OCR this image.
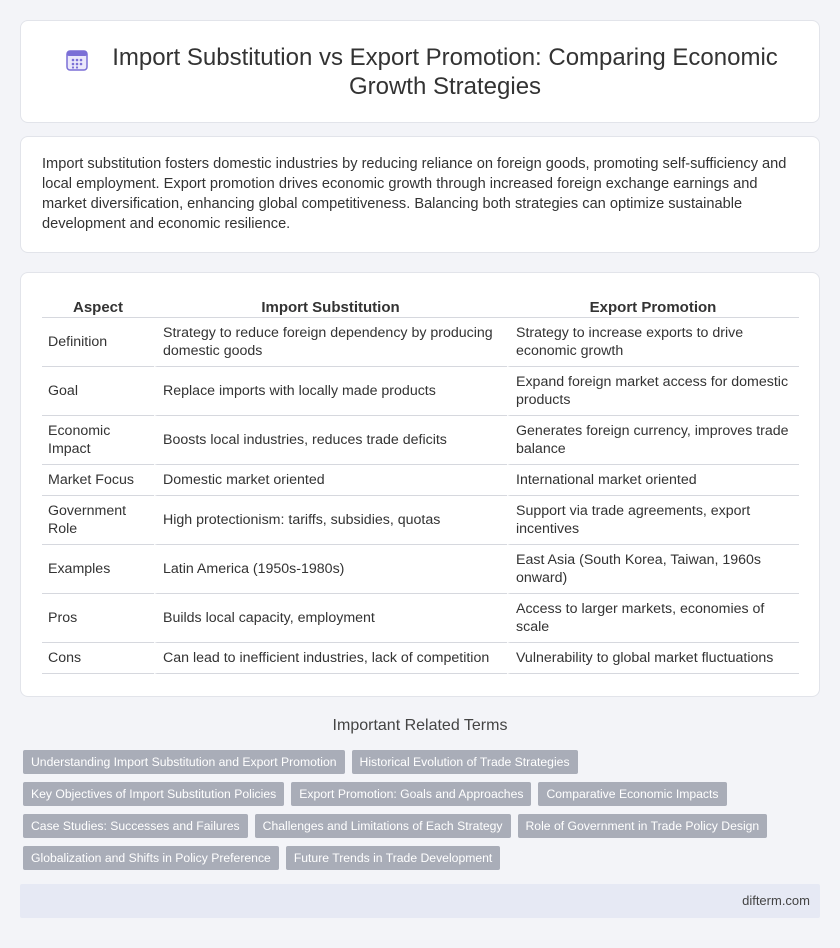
Import Substitution vs Export Promotion: Comparing Economic Growth Strategies

Import substitution fosters domestic industries by reducing reliance on foreign goods, promoting self-sufficiency and local employment. Export promotion drives economic growth through increased foreign exchange earnings and market diversification, enhancing global competitiveness. Balancing both strategies can optimize sustainable development and economic resilience.

Aspect	Import Substitution	Export Promotion
Definition	Strategy to reduce foreign dependency by producing domestic goods	Strategy to increase exports to drive economic growth
Goal	Replace imports with locally made products	Expand foreign market access for domestic products
Economic Impact	Boosts local industries, reduces trade deficits	Generates foreign currency, improves trade balance
Market Focus	Domestic market oriented	International market oriented
Government Role	High protectionism: tariffs, subsidies, quotas	Support via trade agreements, export incentives
Examples	Latin America (1950s-1980s)	East Asia (South Korea, Taiwan, 1960s onward)
Pros	Builds local capacity, employment	Access to larger markets, economies of scale
Cons	Can lead to inefficient industries, lack of competition	Vulnerability to global market fluctuations
Important Related Terms
Understanding Import Substitution and Export Promotion	Historical Evolution of Trade Strategies
Key Objectives of Import Substitution Policies	Export Promotion: Goals and Approaches	Comparative Economic Impacts
Case Studies: Successes and Failures	Challenges and Limitations of Each Strategy	Role of Government in Trade Policy Design
Globalization and Shifts in Policy Preference	Future Trends in Trade Development
difterm.com
